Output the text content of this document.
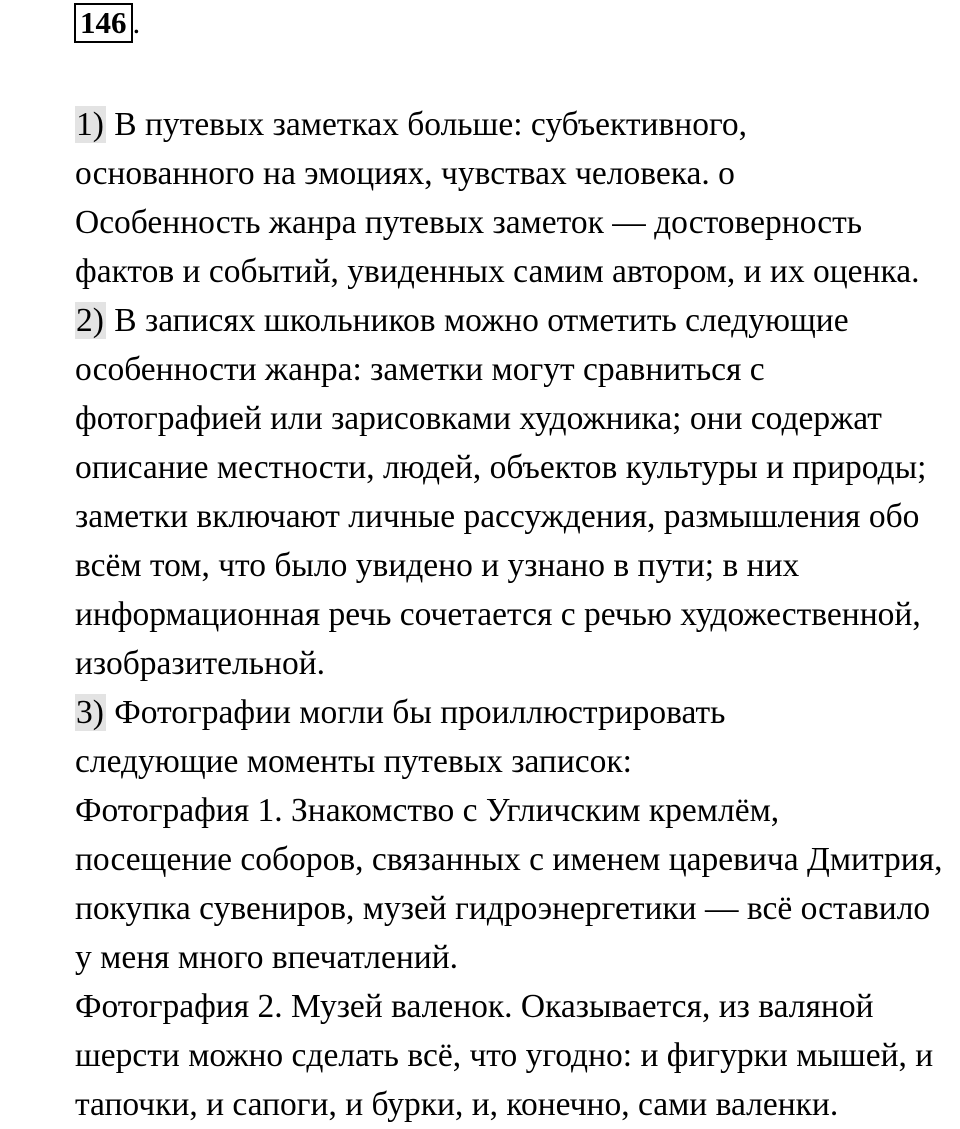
146 .

1) В путевых заметках больше: субъективного,
основанного на эмоциях, чувствах человека. о

Особенность жанра путевых заметок — достоверность
фактов и событий, увиденных самим автором, и их оценка.

2) В записях школьников можно отметить следующие
особенности жанра: заметки могут сравниться с
фотографией или зарисовками художника; они содержат
описание местности, людей, объектов культуры и природы;
заметки включают личные рассуждения, размышления обо
всём том, что было увидено и узнано в пути; в них
информационная речь сочетается с речью художественной,
изобразительной.

3) Фотографии могли бы проиллюстрировать
следующие моменты путевых записок:

Фотография 1. Знакомство с Угличским кремлём,
посещение соборов, связанных с именем царевича Дмитрия,
покупка сувениров, музей гидроэнергетики — всё оставило
у меня много впечатлений.

Фотография 2. Музей валенок. Оказывается, из валяной
шерсти можно сделать всё, что угодно: и фигурки мышей, и
тапочки, и сапоги, и бурки, и, конечно, сами валенки.
